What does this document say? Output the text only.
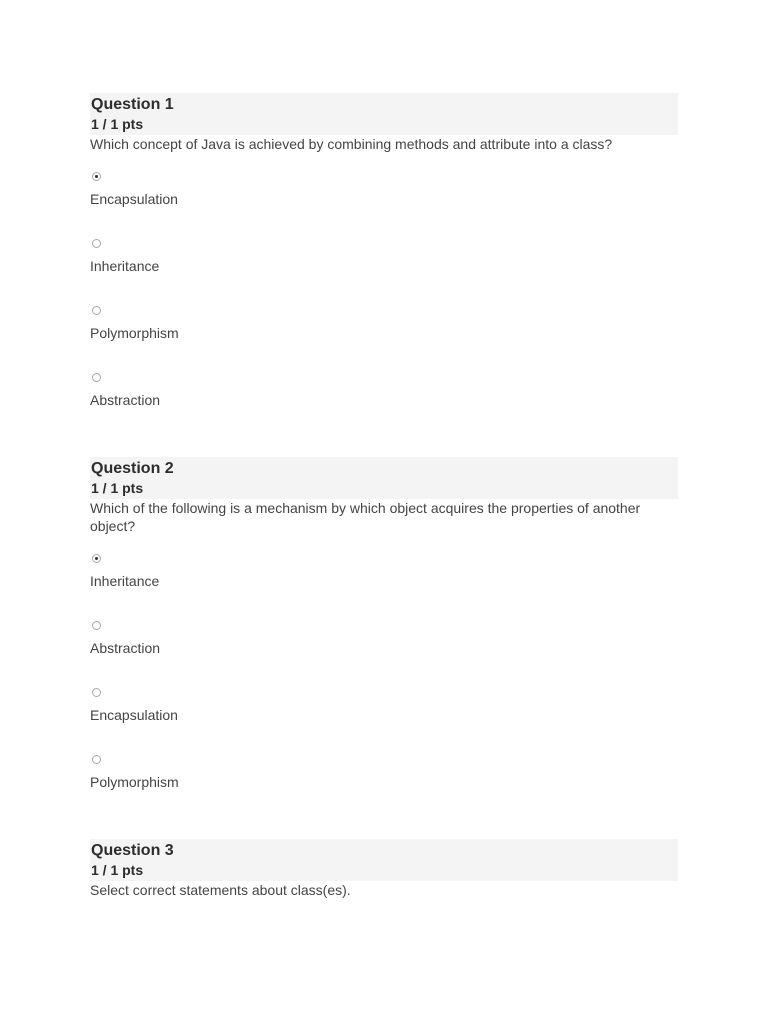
Question 1
1 / 1 pts
Which concept of Java is achieved by combining methods and attribute into a class?
Encapsulation
Inheritance
Polymorphism
Abstraction
Question 2
1 / 1 pts
Which of the following is a mechanism by which object acquires the properties of another object?
Inheritance
Abstraction
Encapsulation
Polymorphism
Question 3
1 / 1 pts
Select correct statements about class(es).
